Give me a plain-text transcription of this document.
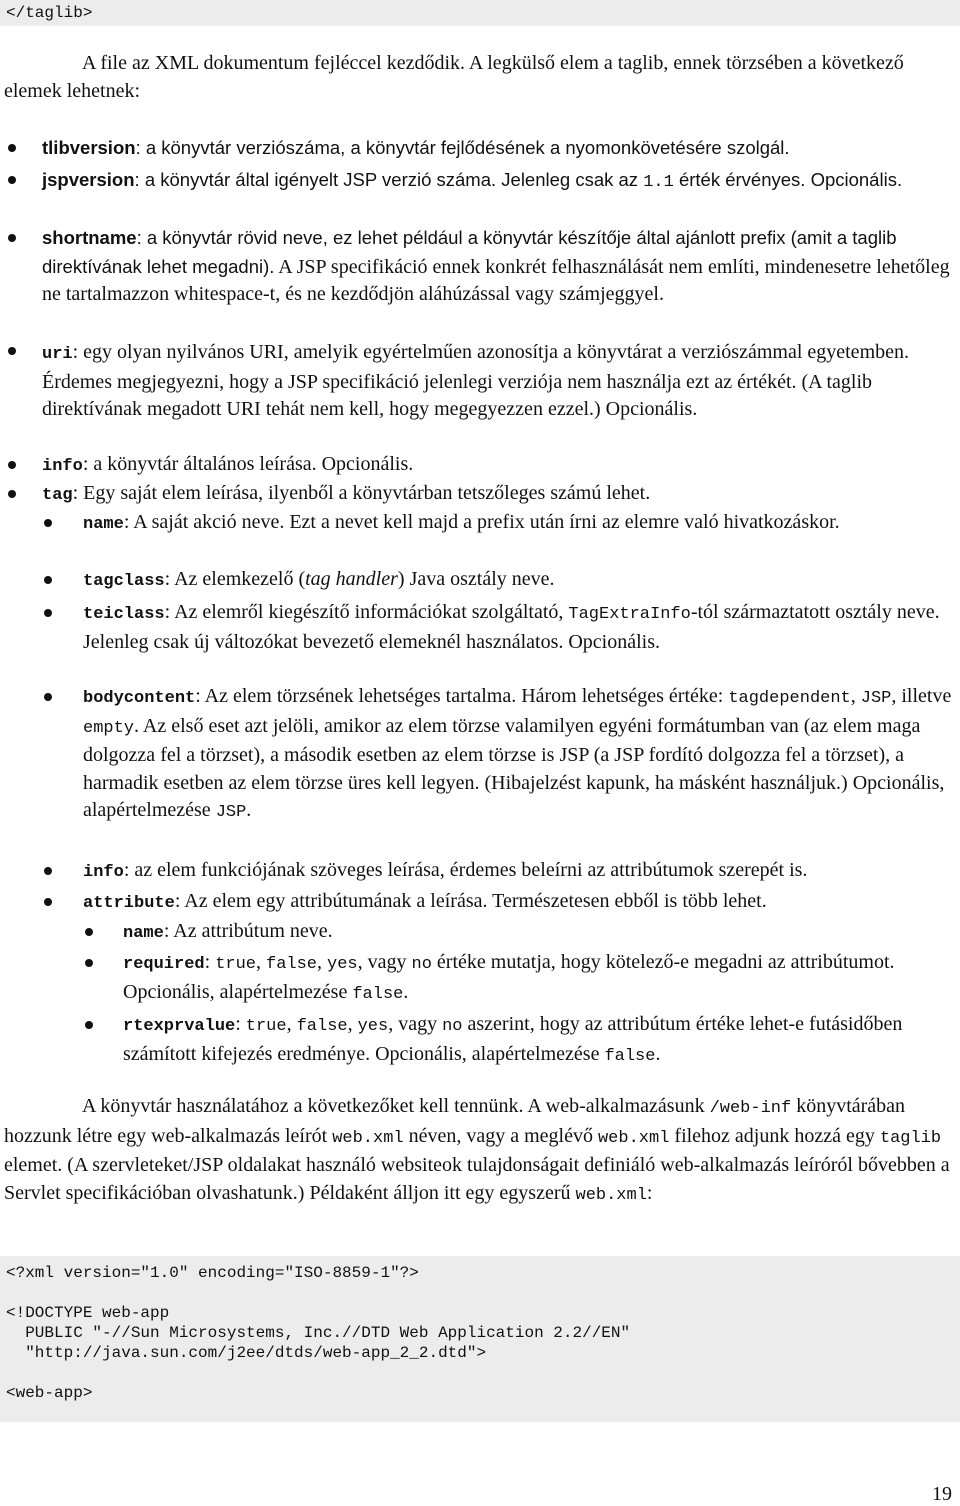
</taglib>
A file az XML dokumentum fejléccel kezdődik. A legkülső elem a taglib, ennek törzsében a következő elemek lehetnek:
tlibversion: a könyvtár verziószáma, a könyvtár fejlődésének a nyomonkövetésére szolgál.
jspversion: a könyvtár által igényelt JSP verzió száma. Jelenleg csak az 1.1 érték érvényes. Opcionális.
shortname: a könyvtár rövid neve, ez lehet például a könyvtár készítője által ajánlott prefix (amit a taglib direktívának lehet megadni). A JSP specifikáció ennek konkrét felhasználását nem említi, mindenesetre lehetőleg ne tartalmazzon whitespace-t, és ne kezdődjön aláhúzással vagy számjeggyel.
uri: egy olyan nyilvános URI, amelyik egyértelműen azonosítja a könyvtárat a verziószámmal egyetemben. Érdemes megjegyezni, hogy a JSP specifikáció jelenlegi verziója nem használja ezt az értékét. (A taglib direktívának megadott URI tehát nem kell, hogy megegyezzen ezzel.) Opcionális.
info: a könyvtár általános leírása. Opcionális.
tag: Egy saját elem leírása, ilyenből a könyvtárban tetszőleges számú lehet.
name: A saját akció neve. Ezt a nevet kell majd a prefix után írni az elemre való hivatkozáskor.
tagclass: Az elemkezelő (tag handler) Java osztály neve.
teiclass: Az elemről kiegészítő információkat szolgáltató, TagExtraInfo-tól származtatott osztály neve. Jelenleg csak új változókat bevezető elemeknél használatos. Opcionális.
bodycontent: Az elem törzsének lehetséges tartalma. Három lehetséges értéke: tagdependent, JSP, illetve empty. Az első eset azt jelöli, amikor az elem törzse valamilyen egyéni formátumban van (az elem maga dolgozza fel a törzset), a második esetben az elem törzse is JSP (a JSP fordító dolgozza fel a törzset), a harmadik esetben az elem törzse üres kell legyen. (Hibajelzést kapunk, ha másként használjuk.) Opcionális, alapértelmezése JSP.
info: az elem funkciójának szöveges leírása, érdemes beleírni az attribútumok szerepét is.
attribute: Az elem egy attribútumának a leírása. Természetesen ebből is több lehet.
name: Az attribútum neve.
required: true, false, yes, vagy no értéke mutatja, hogy kötelező-e megadni az attribútumot. Opcionális, alapértelmezése false.
rtexprvalue: true, false, yes, vagy no aszerint, hogy az attribútum értéke lehet-e futásidőben számított kifejezés eredménye. Opcionális, alapértelmezése false.
A könyvtár használatához a következőket kell tennünk. A web-alkalmazásunk /web-inf könyvtárában hozzunk létre egy web-alkalmazás leírót web.xml néven, vagy a meglévő web.xml filehoz adjunk hozzá egy taglib elemet. (A szervleteket/JSP oldalakat használó websiteok tulajdonságait definiáló web-alkalmazás leíróról bővebben a Servlet specifikációban olvashatunk.) Példaként álljon itt egy egyszerű web.xml:
<?xml version="1.0" encoding="ISO-8859-1"?>
<!DOCTYPE web-app
PUBLIC "-//Sun Microsystems, Inc.//DTD Web Application 2.2//EN"
"http://java.sun.com/j2ee/dtds/web-app_2_2.dtd">
<web-app>
19
